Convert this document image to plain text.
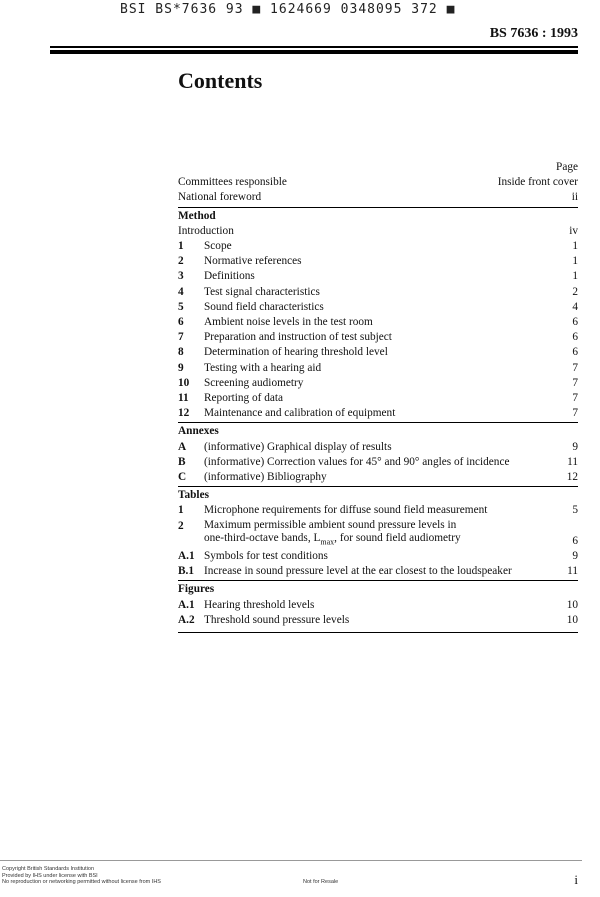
BSI BS*7636 93 ■ 1624669 0348095 372 ■
BS 7636 : 1993
Contents
Page
Committees responsible	Inside front cover
National foreword	ii
Method
Introduction	iv
1	Scope	1
2	Normative references	1
3	Definitions	1
4	Test signal characteristics	2
5	Sound field characteristics	4
6	Ambient noise levels in the test room	6
7	Preparation and instruction of test subject	6
8	Determination of hearing threshold level	6
9	Testing with a hearing aid	7
10	Screening audiometry	7
11	Reporting of data	7
12	Maintenance and calibration of equipment	7
Annexes
A	(informative) Graphical display of results	9
B	(informative) Correction values for 45° and 90° angles of incidence	11
C	(informative) Bibliography	12
Tables
1	Microphone requirements for diffuse sound field measurement	5
2	Maximum permissible ambient sound pressure levels in
one-third-octave bands, $L_{max}$, for sound field audiometry	6
A.1 Symbols for test conditions	9
B.1 Increase in sound pressure level at the ear closest to the loudspeaker	11
Figures
A.1 Hearing threshold levels	10
A.2 Threshold sound pressure levels	10
Copyright British Standards Institution
Provided by IHS under license with BSI
No reproduction or networking permitted without license from IHS	Not for Resale	i
